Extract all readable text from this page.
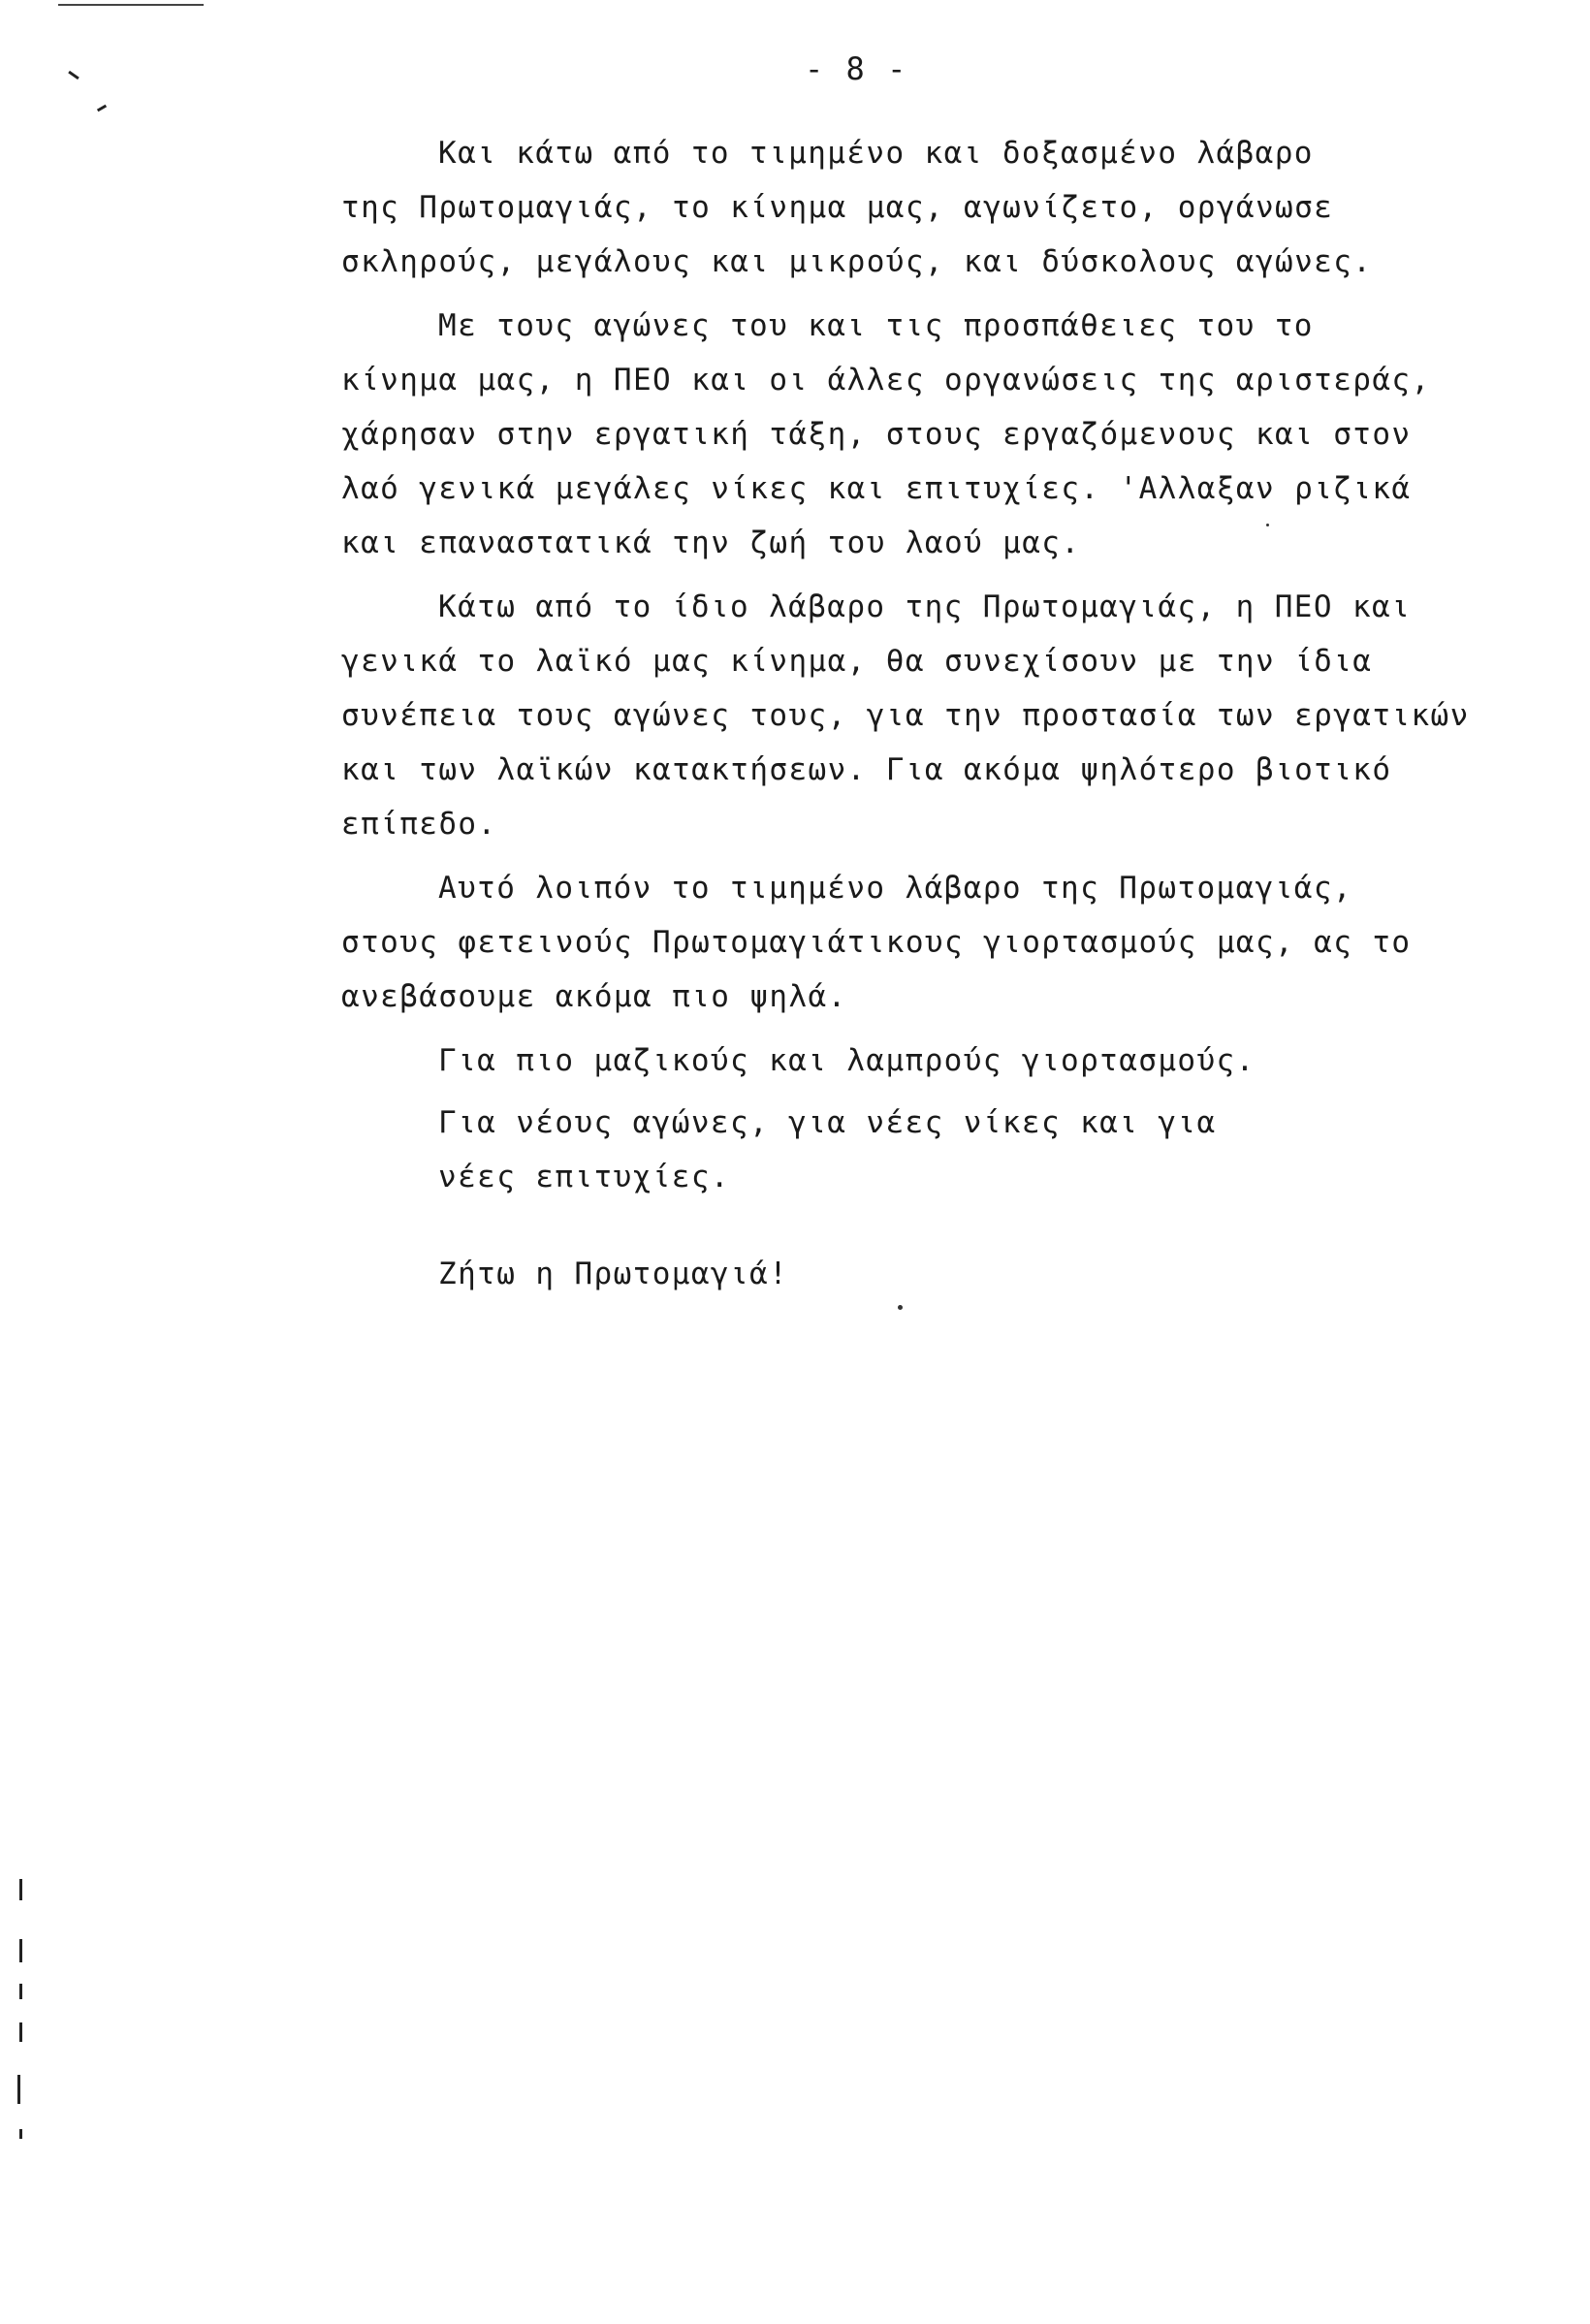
- 8 -
Και κάτω από το τιμημένο και δοξασμένο λάβαρο
της Πρωτομαγιάς, το κίνημα μας, αγωνίζετο, οργάνωσε
σκληρούς, μεγάλους και μικρούς, και δύσκολους αγώνες.
Με τους αγώνες του και τις προσπάθειες του το
κίνημα μας, η ΠΕΟ και οι άλλες οργανώσεις της αριστεράς,
χάρησαν στην εργατική τάξη, στους εργαζόμενους και στον
λαό γενικά μεγάλες νίκες και επιτυχίες. 'Αλλαξαν ριζικά
και επαναστατικά την ζωή του λαού μας.
Κάτω από το ίδιο λάβαρο της Πρωτομαγιάς, η ΠΕΟ και
γενικά το λαϊκό μας κίνημα, θα συνεχίσουν με την ίδια
συνέπεια τους αγώνες τους, για την προστασία των εργατικών
και των λαϊκών κατακτήσεων. Για ακόμα ψηλότερο βιοτικό
επίπεδο.
Αυτό λοιπόν το τιμημένο λάβαρο της Πρωτομαγιάς,
στους φετεινούς Πρωτομαγιάτικους γιορτασμούς μας, ας το
ανεβάσουμε ακόμα πιο ψηλά.
Για πιο μαζικούς και λαμπρούς γιορτασμούς.
Για νέους αγώνες, για νέες νίκες και για
νέες επιτυχίες.
Ζήτω η Πρωτομαγιά!
